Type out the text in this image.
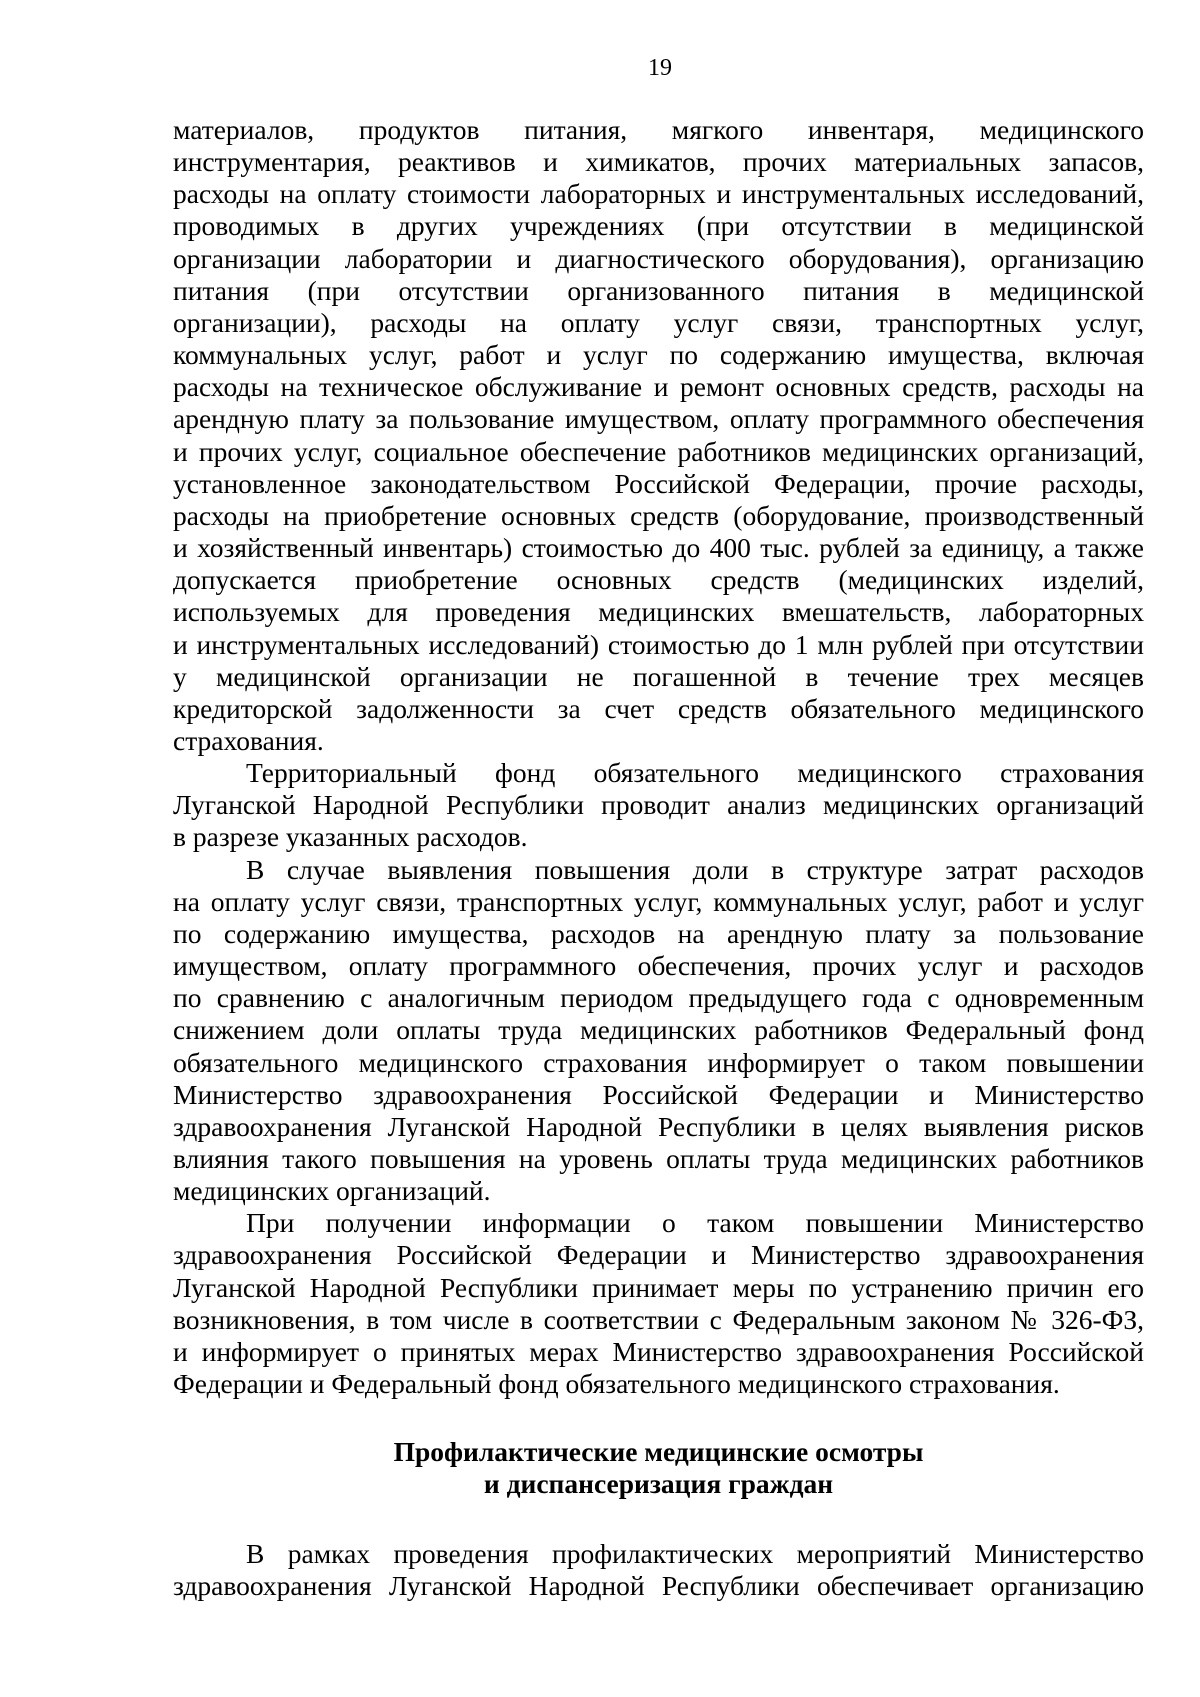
19
материалов, продуктов питания, мягкого инвентаря, медицинского
инструментария, реактивов и химикатов, прочих материальных запасов,
расходы на оплату стоимости лабораторных и инструментальных исследований,
проводимых в других учреждениях (при отсутствии в медицинской
организации лаборатории и диагностического оборудования), организацию
питания (при отсутствии организованного питания в медицинской
организации), расходы на оплату услуг связи, транспортных услуг,
коммунальных услуг, работ и услуг по содержанию имущества, включая
расходы на техническое обслуживание и ремонт основных средств, расходы на
арендную плату за пользование имуществом, оплату программного обеспечения
и прочих услуг, социальное обеспечение работников медицинских организаций,
установленное законодательством Российской Федерации, прочие расходы,
расходы на приобретение основных средств (оборудование, производственный
и хозяйственный инвентарь) стоимостью до 400 тыс. рублей за единицу, а также
допускается приобретение основных средств (медицинских изделий,
используемых для проведения медицинских вмешательств, лабораторных
и инструментальных исследований) стоимостью до 1 млн рублей при отсутствии
у медицинской организации не погашенной в течение трех месяцев
кредиторской задолженности за счет средств обязательного медицинского
страхования.
Территориальный фонд обязательного медицинского страхования
Луганской Народной Республики проводит анализ медицинских организаций
в разрезе указанных расходов.
В случае выявления повышения доли в структуре затрат расходов
на оплату услуг связи, транспортных услуг, коммунальных услуг, работ и услуг
по содержанию имущества, расходов на арендную плату за пользование
имуществом, оплату программного обеспечения, прочих услуг и расходов
по сравнению с аналогичным периодом предыдущего года с одновременным
снижением доли оплаты труда медицинских работников Федеральный фонд
обязательного медицинского страхования информирует о таком повышении
Министерство здравоохранения Российской Федерации и Министерство
здравоохранения Луганской Народной Республики в целях выявления рисков
влияния такого повышения на уровень оплаты труда медицинских работников
медицинских организаций.
При получении информации о таком повышении Министерство
здравоохранения Российской Федерации и Министерство здравоохранения
Луганской Народной Республики принимает меры по устранению причин его
возникновения, в том числе в соответствии с Федеральным законом № 326-ФЗ,
и информирует о принятых мерах Министерство здравоохранения Российской
Федерации и Федеральный фонд обязательного медицинского страхования.
Профилактические медицинские осмотры
и диспансеризация граждан
В рамках проведения профилактических мероприятий Министерство
здравоохранения Луганской Народной Республики обеспечивает организацию
